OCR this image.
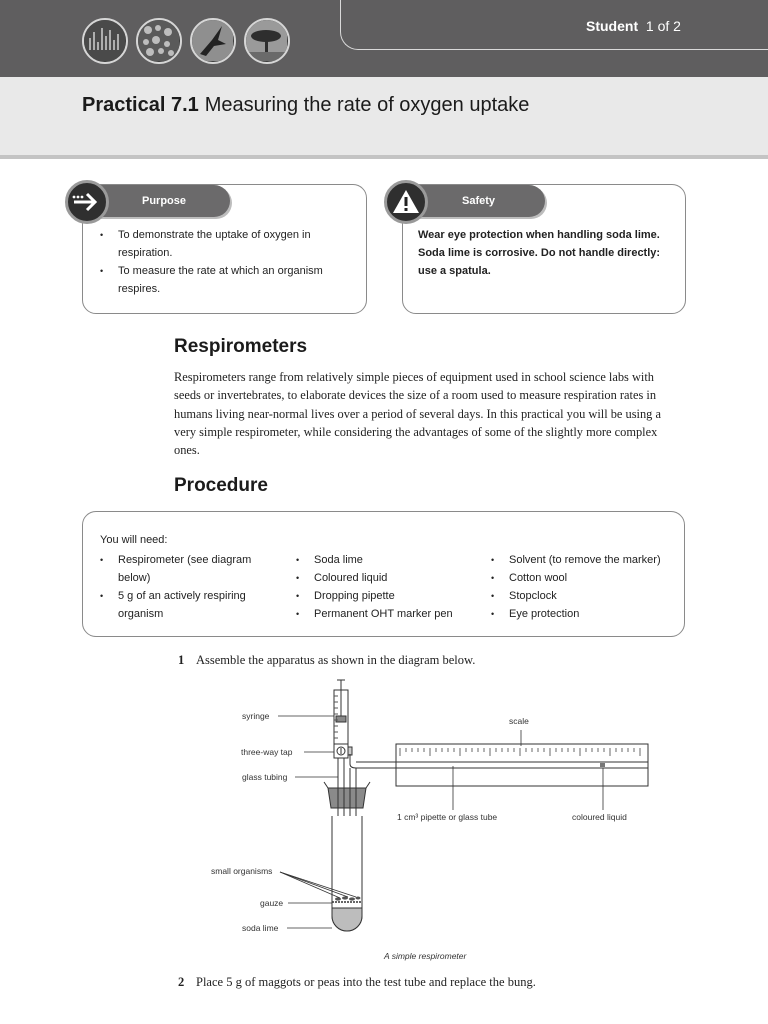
Student 1 of 2
Practical 7.1 Measuring the rate of oxygen uptake
Purpose
• To demonstrate the uptake of oxygen in respiration.
• To measure the rate at which an organism respires.
Safety
Wear eye protection when handling soda lime. Soda lime is corrosive. Do not handle directly: use a spatula.
Respirometers
Respirometers range from relatively simple pieces of equipment used in school science labs with seeds or invertebrates, to elaborate devices the size of a room used to measure respiration rates in humans living near-normal lives over a period of several days. In this practical you will be using a very simple respirometer, while considering the advantages of some of the slightly more complex ones.
Procedure
You will need:
• Respirometer (see diagram below)
• 5 g of an actively respiring organism
• Soda lime
• Coloured liquid
• Dropping pipette
• Permanent OHT marker pen
• Solvent (to remove the marker)
• Cotton wool
• Stopclock
• Eye protection
1 Assemble the apparatus as shown in the diagram below.
syringe
three-way tap
glass tubing
scale
1 cm³ pipette or glass tube	coloured liquid
small organisms
gauze
soda lime
A simple respirometer
2 Place 5 g of maggots or peas into the test tube and replace the bung.
